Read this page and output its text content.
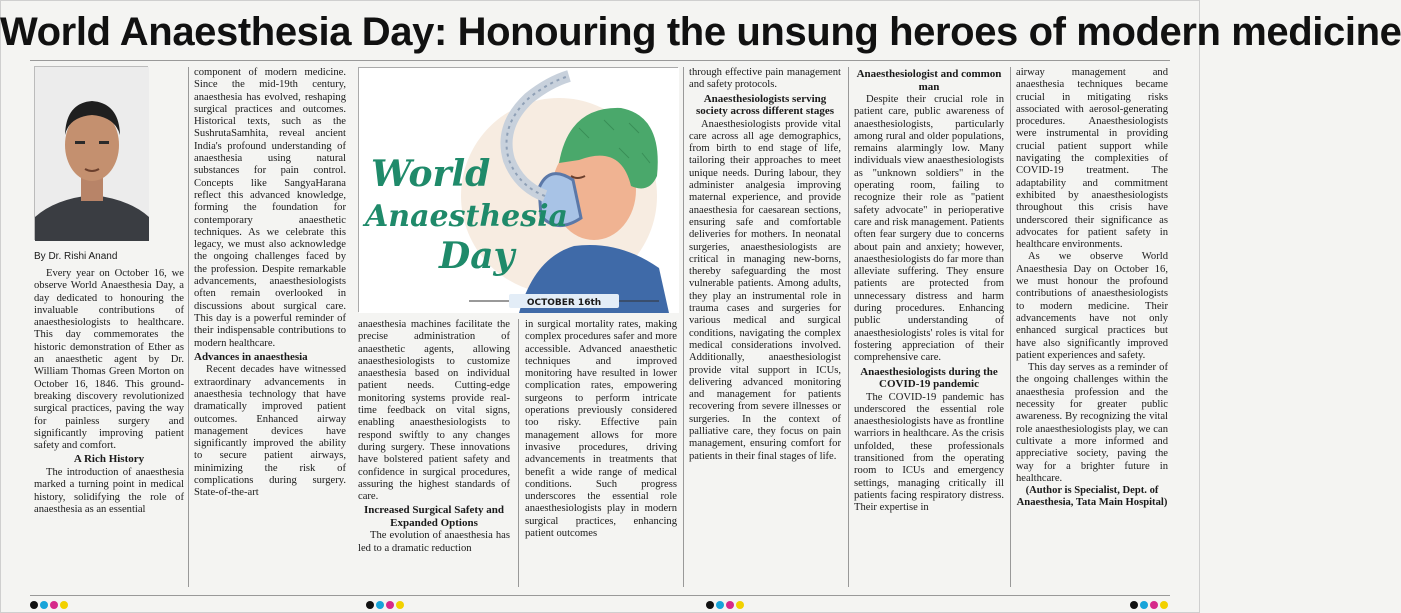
World Anaesthesia Day: Honouring the unsung heroes of modern medicine
By Dr. Rishi Anand

Every year on October 16, we observe World Anaesthesia Day, a day dedicated to honouring the invaluable contributions of anaesthesiologists to healthcare. This day commemorates the historic demonstration of Ether as an anaesthetic agent by Dr. William Thomas Green Morton on October 16, 1846. This ground-breaking discovery revolutionized surgical practices, paving the way for painless surgery and significantly improving patient safety and comfort.

A Rich History

The introduction of anaesthesia marked a turning point in medical history, solidifying the role of anaesthesia as an essential

component of modern medicine. Since the mid-19th century, anaesthesia has evolved, reshaping surgical practices and outcomes. Historical texts, such as the SushrutaSamhita, reveal ancient India's profound understanding of anaesthesia using natural substances for pain control. Concepts like SangyaHarana reflect this advanced knowledge, forming the foundation for contemporary anaesthetic techniques. As we celebrate this legacy, we must also acknowledge the ongoing challenges faced by the profession. Despite remarkable advancements, anaesthesiologists often remain overlooked in discussions about surgical care. This day is a powerful reminder of their indispensable contributions to modern healthcare.

Advances in anaesthesia

Recent decades have witnessed extraordinary advancements in anaesthesia technology that have dramatically improved patient outcomes. Enhanced airway management devices have significantly improved the ability to secure patient airways, minimizing the risk of complications during surgery. State-of-the-art

World
Anaesthesia
Day
OCTOBER 16th

anaesthesia machines facilitate the precise administration of anaesthetic agents, allowing anaesthesiologists to customize anaesthesia based on individual patient needs. Cutting-edge monitoring systems provide real-time feedback on vital signs, enabling anaesthesiologists to respond swiftly to any changes during surgery. These innovations have bolstered patient safety and confidence in surgical procedures, assuring the highest standards of care.

Increased Surgical Safety and Expanded Options

The evolution of anaesthesia has led to a dramatic reduction

in surgical mortality rates, making complex procedures safer and more accessible. Advanced anaesthetic techniques and improved monitoring have resulted in lower complication rates, empowering surgeons to perform intricate operations previously considered too risky. Effective pain management allows for more invasive procedures, driving advancements in treatments that benefit a wide range of medical conditions. Such progress underscores the essential role anaesthesiologists play in modern surgical practices, enhancing patient outcomes

through effective pain management and safety protocols.

Anaesthesiologists serving society across different stages

Anaesthesiologists provide vital care across all age demographics, from birth to end stage of life, tailoring their approaches to meet unique needs. During labour, they administer analgesia improving maternal experience, and provide anaesthesia for caesarean sections, ensuring safe and comfortable deliveries for mothers. In neonatal surgeries, anaesthesiologists are critical in managing new-borns, thereby safeguarding the most vulnerable patients. Among adults, they play an instrumental role in trauma cases and surgeries for various medical and surgical conditions, navigating the complex medical considerations involved. Additionally, anaesthesiologist provide vital support in ICUs, delivering advanced monitoring and management for patients recovering from severe illnesses or surgeries. In the context of palliative care, they focus on pain management, ensuring comfort for patients in their final stages of life.

Anaesthesiologist and common man

Despite their crucial role in patient care, public awareness of anaesthesiologists, particularly among rural and older populations, remains alarmingly low. Many individuals view anaesthesiologists as "unknown soldiers" in the operating room, failing to recognize their role as "patient safety advocate" in perioperative care and risk management. Patients often fear surgery due to concerns about pain and anxiety; however, anaesthesiologists do far more than alleviate suffering. They ensure patients are protected from unnecessary distress and harm during procedures. Enhancing public understanding of anaesthesiologists' roles is vital for fostering appreciation of their comprehensive care.

Anaesthesiologists during the COVID-19 pandemic

The COVID-19 pandemic has underscored the essential role anaesthesiologists have as frontline warriors in healthcare. As the crisis unfolded, these professionals transitioned from the operating room to ICUs and emergency settings, managing critically ill patients facing respiratory distress. Their expertise in

airway management and anaesthesia techniques became crucial in mitigating risks associated with aerosol-generating procedures. Anaesthesiologists were instrumental in providing crucial patient support while navigating the complexities of COVID-19 treatment. The adaptability and commitment exhibited by anaesthesiologists throughout this crisis have underscored their significance as advocates for patient safety in healthcare environments.

As we observe World Anaesthesia Day on October 16, we must honour the profound contributions of anaesthesiologists to modern medicine. Their advancements have not only enhanced surgical practices but have also significantly improved patient experiences and safety.

This day serves as a reminder of the ongoing challenges within the anaesthesia profession and the necessity for greater public awareness. By recognizing the vital role anaesthesiologists play, we can cultivate a more informed and appreciative society, paving the way for a brighter future in healthcare.

(Author is Specialist, Dept. of Anaesthesia, Tata Main Hospital)
